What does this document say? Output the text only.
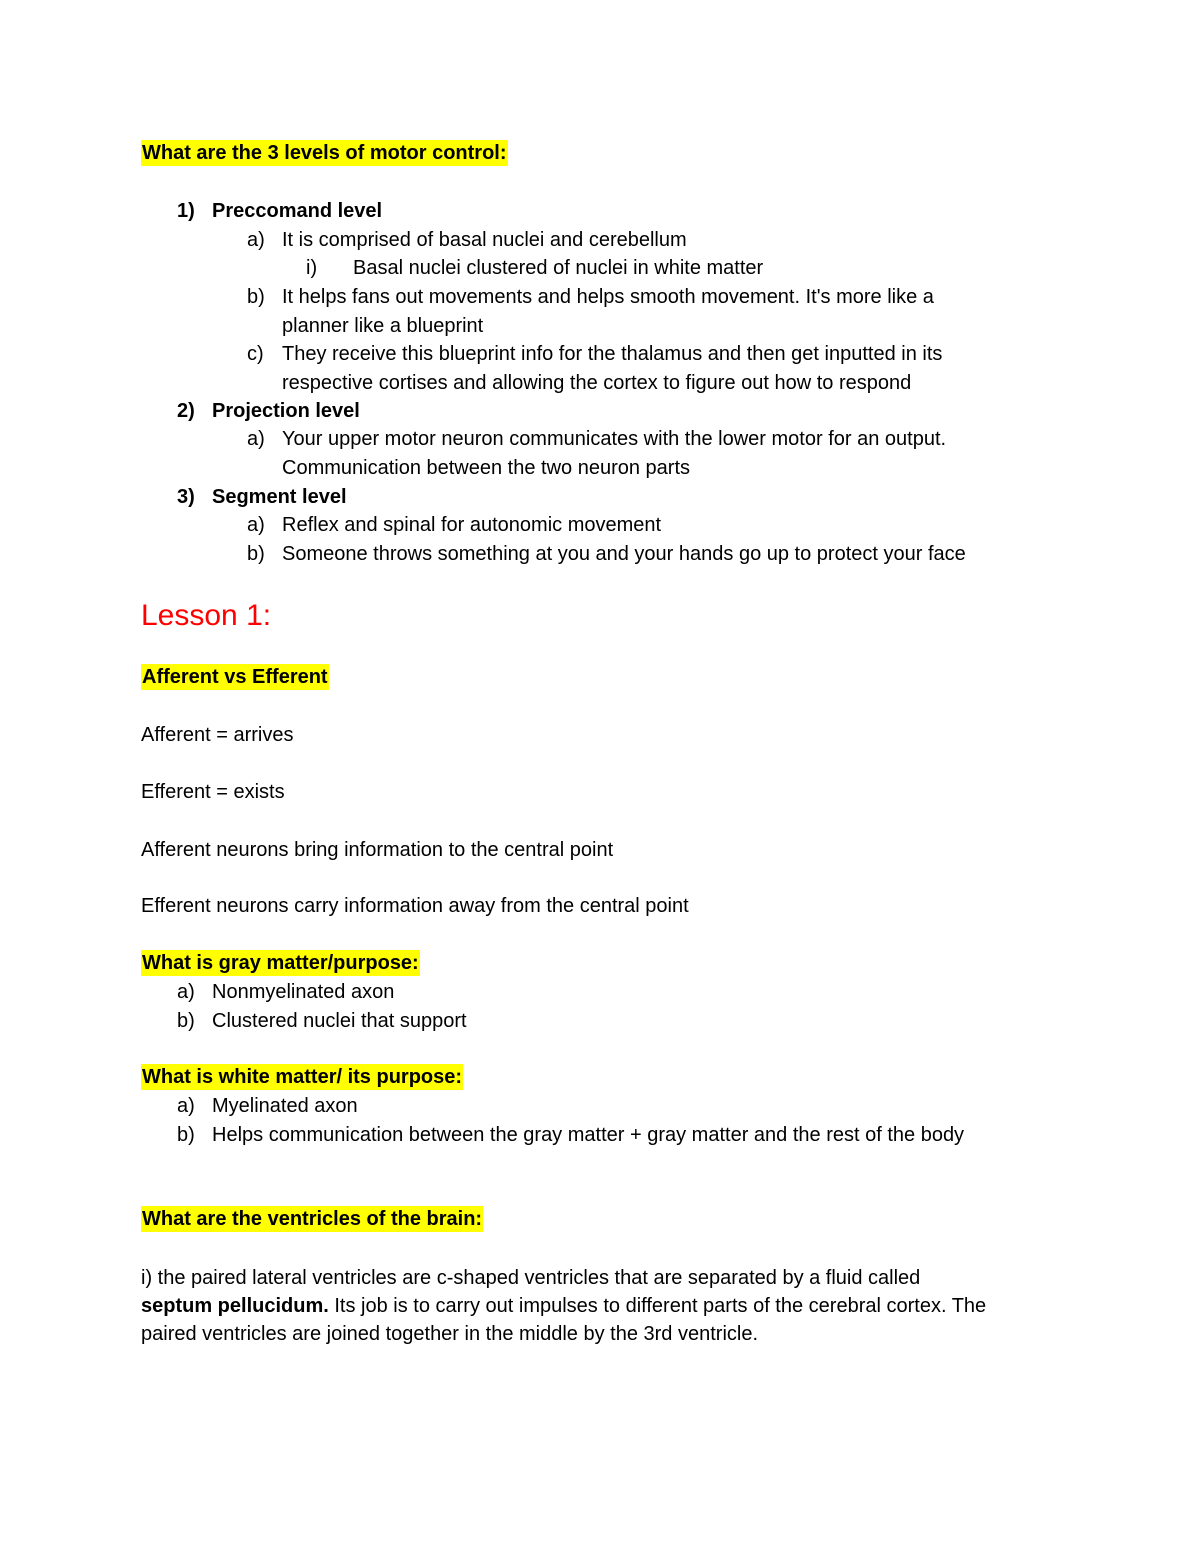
What are the 3 levels of motor control:
1) Preccomand level
a) It is comprised of basal nuclei and cerebellum
i) Basal nuclei clustered of nuclei in white matter
b) It helps fans out movements and helps smooth movement. It's more like a
planner like a blueprint
c) They receive this blueprint info for the thalamus and then get inputted in its
respective cortises and allowing the cortex to figure out how to respond
2) Projection level
a) Your upper motor neuron communicates with the lower motor for an output.
Communication between the two neuron parts
3) Segment level
a) Reflex and spinal for autonomic movement
b) Someone throws something at you and your hands go up to protect your face
Lesson 1:
Afferent vs Efferent
Afferent = arrives
Efferent = exists
Afferent neurons bring information to the central point
Efferent neurons carry information away from the central point
What is gray matter/purpose:
a) Nonmyelinated axon
b) Clustered nuclei that support
What is white matter/ its purpose:
a) Myelinated axon
b) Helps communication between the gray matter + gray matter and the rest of the body
What are the ventricles of the brain:
i) the paired lateral ventricles are c-shaped ventricles that are separated by a fluid called
septum pellucidum. Its job is to carry out impulses to different parts of the cerebral cortex. The
paired ventricles are joined together in the middle by the 3rd ventricle.
